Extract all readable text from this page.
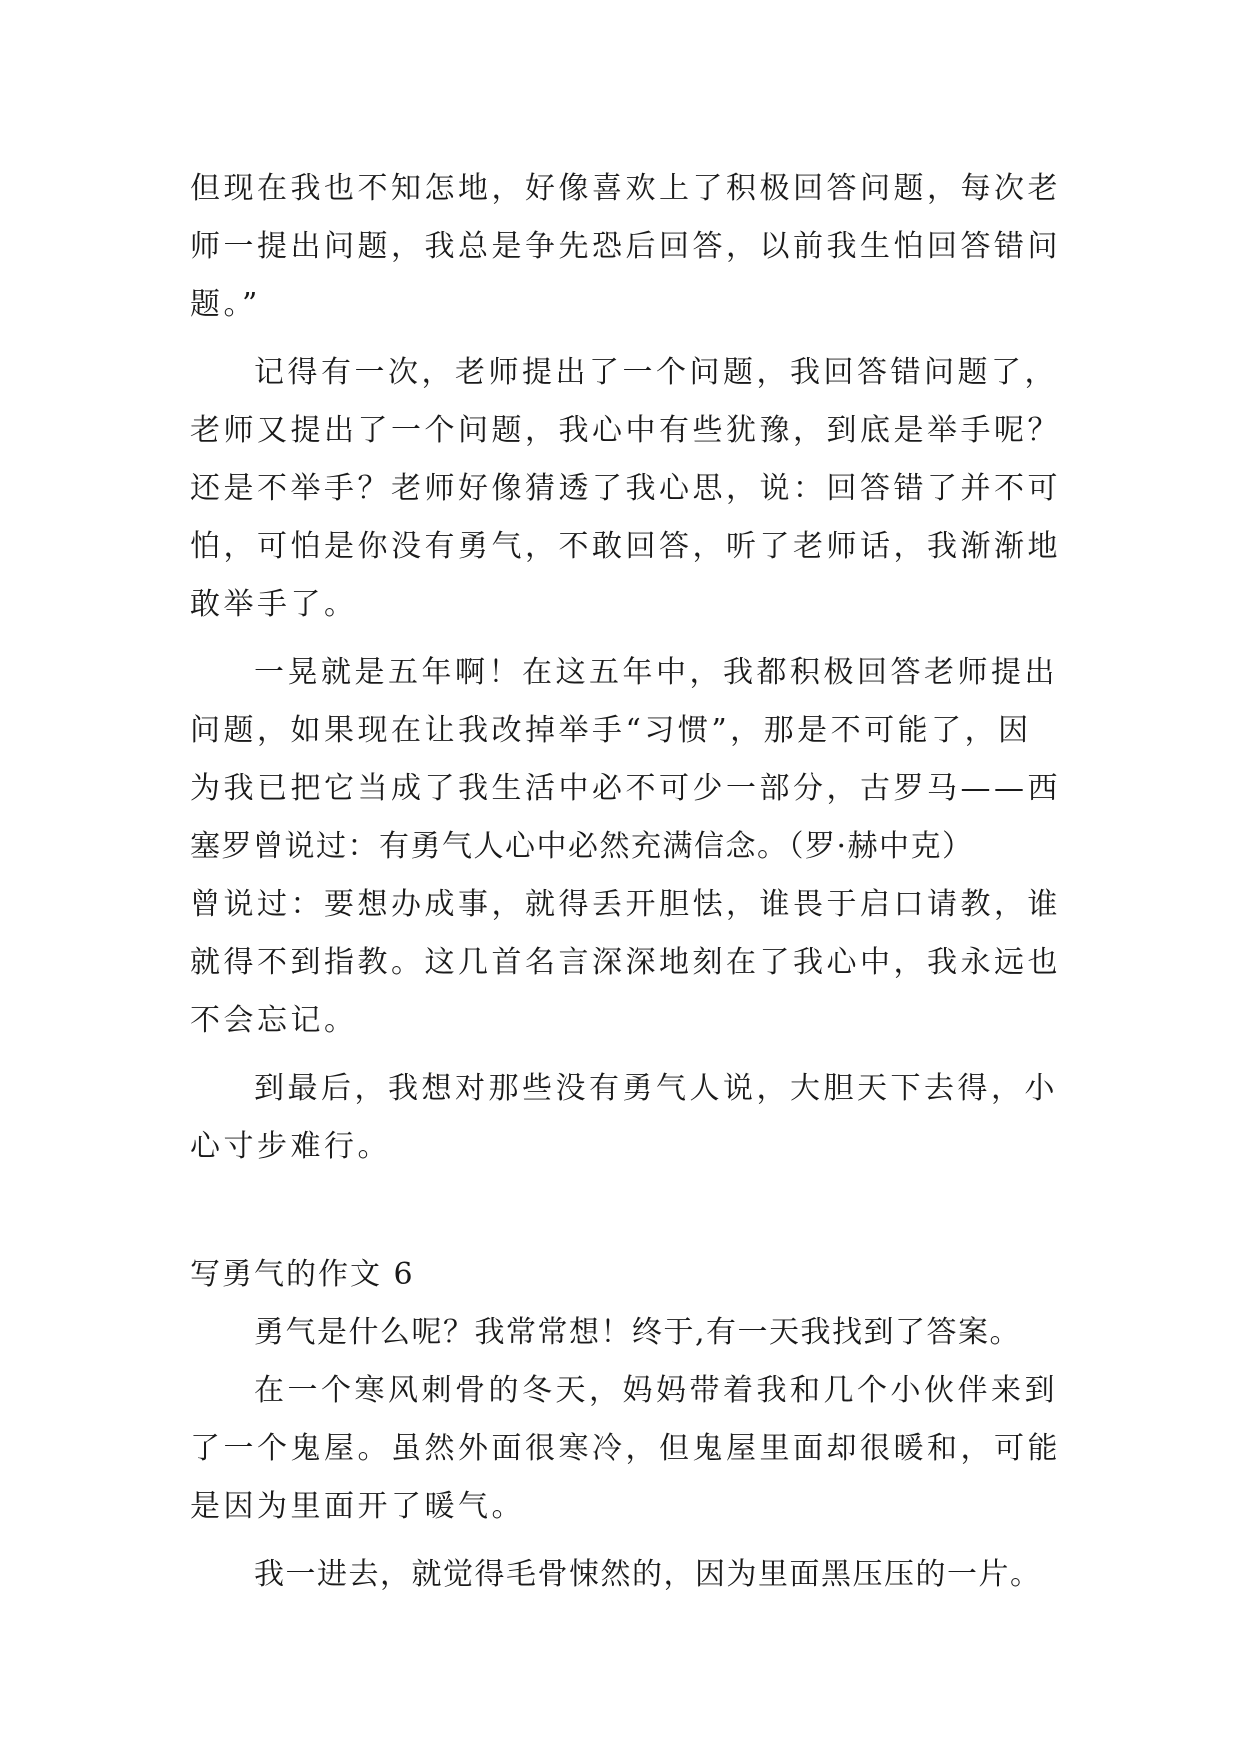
但现在我也不知怎地，好像喜欢上了积极回答问题，每次老
师一提出问题，我总是争先恐后回答，以前我生怕回答错问
题。”
记得有一次，老师提出了一个问题，我回答错问题了，
老师又提出了一个问题，我心中有些犹豫，到底是举手呢？
还是不举手？老师好像猜透了我心思，说：回答错了并不可
怕，可怕是你没有勇气，不敢回答，听了老师话，我渐渐地
敢举手了。
一晃就是五年啊！在这五年中，我都积极回答老师提出
问题，如果现在让我改掉举手“习惯”，那是不可能了，因
为我已把它当成了我生活中必不可少一部分，古罗马——西
塞罗曾说过：有勇气人心中必然充满信念。（罗·赫中克）
曾说过：要想办成事，就得丢开胆怯，谁畏于启口请教，谁
就得不到指教。这几首名言深深地刻在了我心中，我永远也
不会忘记。
到最后，我想对那些没有勇气人说，大胆天下去得，小
心寸步难行。
写勇气的作文 6
勇气是什么呢？我常常想！终于,有一天我找到了答案。
在一个寒风刺骨的冬天，妈妈带着我和几个小伙伴来到
了一个鬼屋。虽然外面很寒冷，但鬼屋里面却很暖和，可能
是因为里面开了暖气。
我一进去，就觉得毛骨悚然的，因为里面黑压压的一片。
